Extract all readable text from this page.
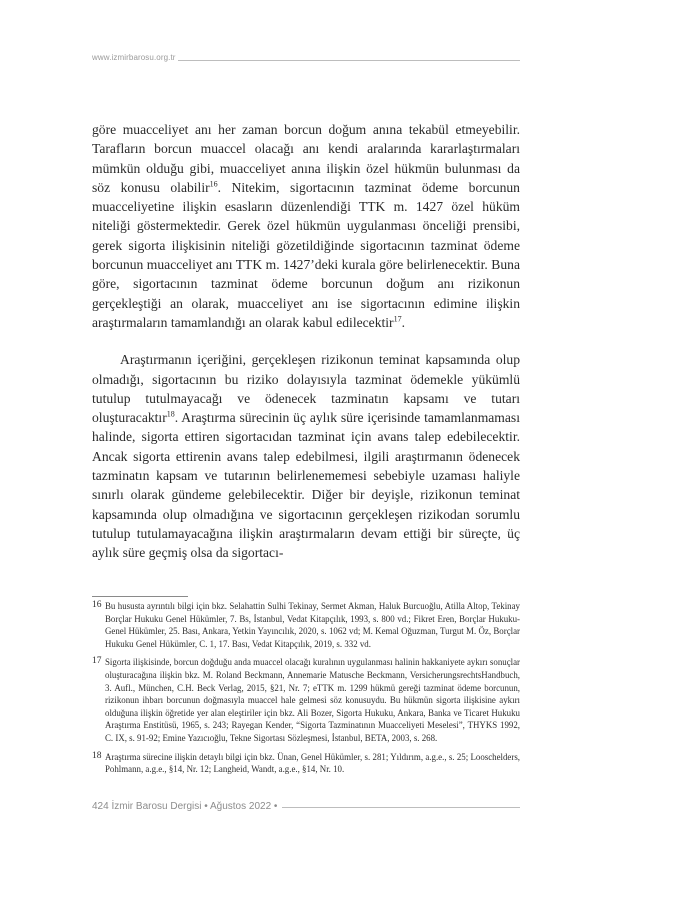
www.izmirbarosu.org.tr

göre muacceliyet anı her zaman borcun doğum anına tekabül etmeyebilir. Tarafların borcun muaccel olacağı anı kendi aralarında kararlaştırmaları mümkün olduğu gibi, muacceliyet anına ilişkin özel hükmün bulunması da söz konusu olabilir$^{16}$. Nitekim, sigortacının tazminat ödeme borcunun muacceliyetine ilişkin esasların düzenlendiği TTK m. 1427 özel hüküm niteliği göstermektedir. Gerek özel hükmün uygulanması önceliği prensibi, gerek sigorta ilişkisinin niteliği gözetildiğinde sigortacının tazminat ödeme borcunun muacceliyet anı TTK m. 1427’deki kurala göre belirlenecektir. Buna göre, sigortacının tazminat ödeme borcunun doğum anı rizikonun gerçekleştiği an olarak, muacceliyet anı ise sigortacının edimine ilişkin araştırmaların tamamlandığı an olarak kabul edilecektir$^{17}$.

Araştırmanın içeriğini, gerçekleşen rizikonun teminat kapsamında olup olmadığı, sigortacının bu riziko dolayısıyla tazminat ödemekle yükümlü tutulup tutulmayacağı ve ödenecek tazminatın kapsamı ve tutarı oluşturacaktır$^{18}$. Araştırma sürecinin üç aylık süre içerisinde tamamlanmaması halinde, sigorta ettiren sigortacıdan tazminat için avans talep edebilecektir. Ancak sigorta ettirenin avans talep edebilmesi, ilgili araştırmanın ödenecek tazminatın kapsam ve tutarının belirlenememesi sebebiyle uzaması haliyle sınırlı olarak gündeme gelebilecektir. Diğer bir deyişle, rizikonun teminat kapsamında olup olmadığına ve sigortacının gerçekleşen rizikodan sorumlu tutulup tutulamayacağına ilişkin araştırmaların devam ettiği bir süreçte, üç aylık süre geçmiş olsa da sigortacı-

16 Bu hususta ayrıntılı bilgi için bkz. Selahattin Sulhi Tekinay, Sermet Akman, Haluk Burcuoğlu, Atilla Altop, Tekinay Borçlar Hukuku Genel Hükümler, 7. Bs, İstanbul, Vedat Kitapçılık, 1993, s. 800 vd.; Fikret Eren, Borçlar Hukuku- Genel Hükümler, 25. Bası, Ankara, Yetkin Yayıncılık, 2020, s. 1062 vd; M. Kemal Oğuzman, Turgut M. Öz, Borçlar Hukuku Genel Hükümler, C. 1, 17. Bası, Vedat Kitapçılık, 2019, s. 332 vd.
17 Sigorta ilişkisinde, borcun doğduğu anda muaccel olacağı kuralının uygulanması halinin hakkaniyete aykırı sonuçlar oluşturacağına ilişkin bkz. M. Roland Beckmann, Annemarie Matusche Beckmann, VersicherungsrechtsHandbuch, 3. Aufl., München, C.H. Beck Verlag, 2015, §21, Nr. 7; eTTK m. 1299 hükmü gereği tazminat ödeme borcunun, rizikonun ihbarı borcunun doğmasıyla muaccel hale gelmesi söz konusuydu. Bu hükmün sigorta ilişkisine aykırı olduğuna ilişkin öğretide yer alan eleştiriler için bkz. Ali Bozer, Sigorta Hukuku, Ankara, Banka ve Ticaret Hukuku Araştırma Enstitüsü, 1965, s. 243; Rayegan Kender, “Sigorta Tazminatının Muacceliyeti Meselesi”, THYKS 1992, C. IX, s. 91-92; Emine Yazıcıoğlu, Tekne Sigortası Sözleşmesi, İstanbul, BETA, 2003, s. 268.
18 Araştırma sürecine ilişkin detaylı bilgi için bkz. Ünan, Genel Hükümler, s. 281; Yıldırım, a.g.e., s. 25; Looschelders, Pohlmann, a.g.e., §14, Nr. 12; Langheid, Wandt, a.g.e., §14, Nr. 10.
424 İzmir Barosu Dergisi • Ağustos 2022 •
